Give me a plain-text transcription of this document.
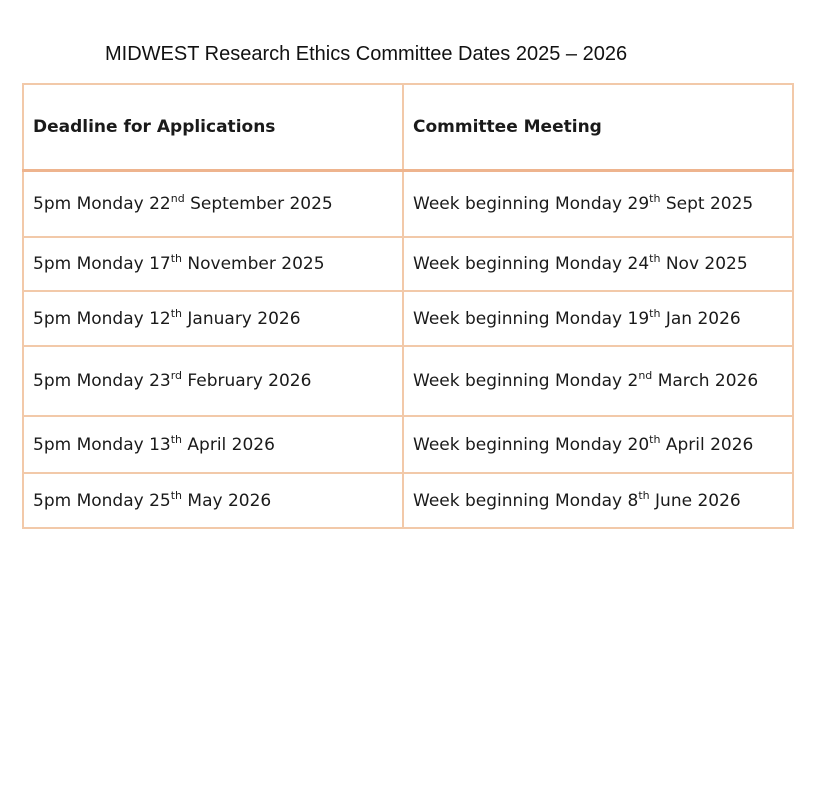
MIDWEST Research Ethics Committee Dates 2025 – 2026
Deadline for Applications	Committee Meeting
5pm Monday 22nd September 2025	Week beginning Monday 29th Sept 2025
5pm Monday 17th November 2025	Week beginning Monday 24th Nov 2025
5pm Monday 12th January 2026	Week beginning Monday 19th Jan 2026
5pm Monday 23rd February 2026	Week beginning Monday 2nd March 2026
5pm Monday 13th April 2026	Week beginning Monday 20th April 2026
5pm Monday 25th May 2026	Week beginning Monday 8th June 2026
